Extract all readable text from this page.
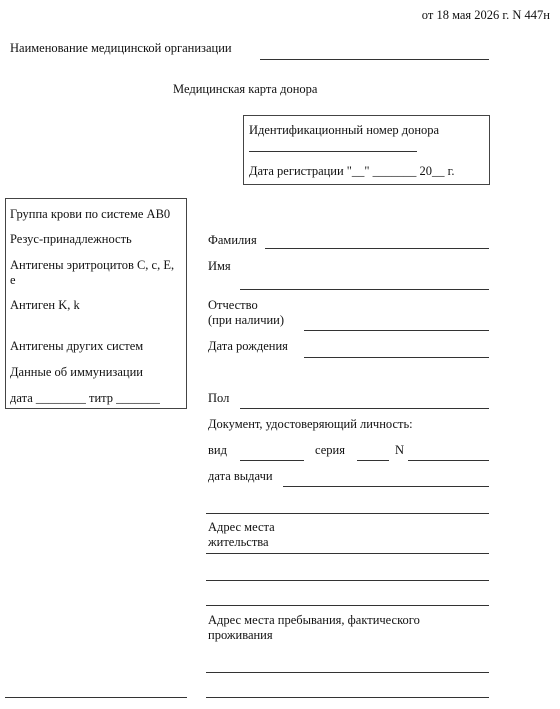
от 18 мая 2026 г. N 447н
Наименование медицинской организации
Медицинская карта донора
Идентификационный номер донора
Дата регистрации "__" _______ 20__ г.
Группа крови по системе AB0
Резус-принадлежность
Антигены эритроцитов C, c, E,
e
Антиген K, k
Антигены других систем
Данные об иммунизации
дата ________ титр _______
Фамилия
Имя
Отчество
(при наличии)
Дата рождения
Пол
Документ, удостоверяющий личность:
вид	серия	N
дата выдачи
Адрес места
жительства
Адрес места пребывания, фактического
проживания
